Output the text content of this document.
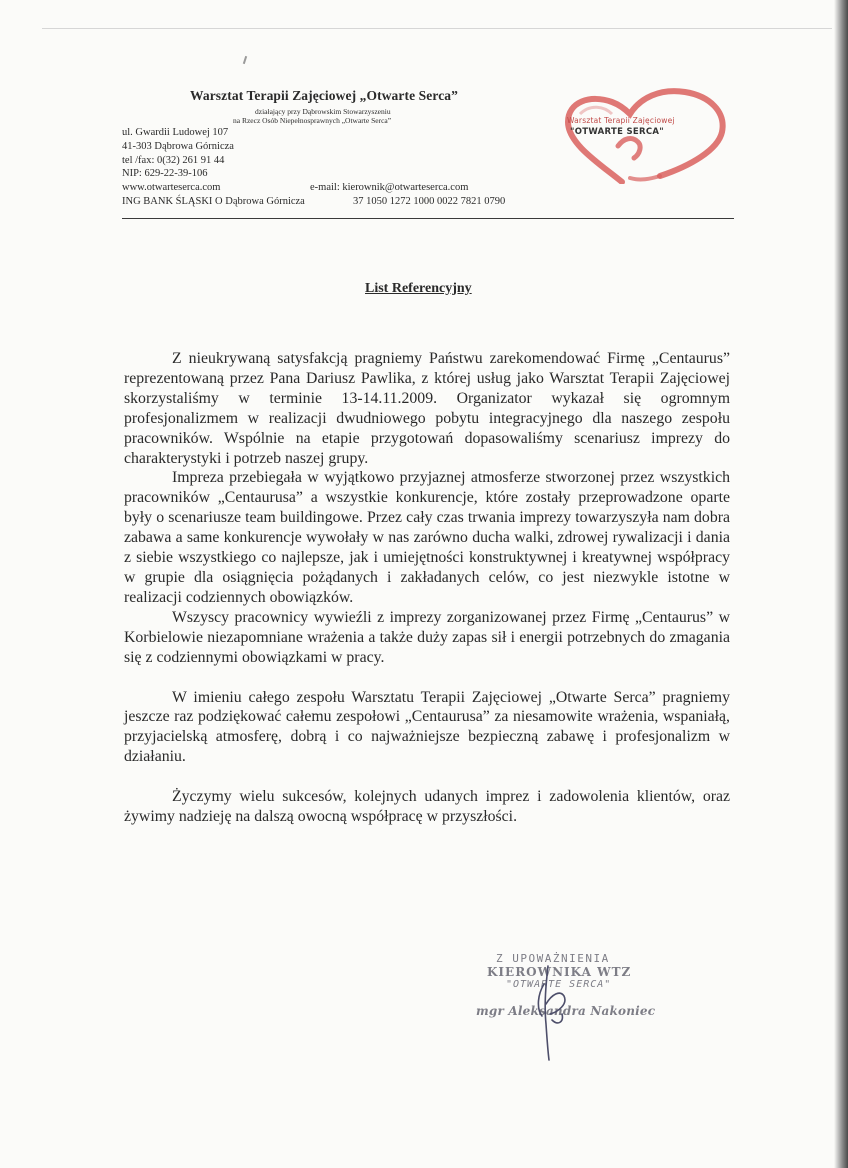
Warsztat Terapii Zajęciowej „Otwarte Serca”
działający przy Dąbrowskim Stowarzyszeniu
na Rzecz Osób Niepełnosprawnych „Otwarte Serca”
ul. Gwardii Ludowej 107
41-303 Dąbrowa Górnicza
tel /fax: 0(32) 261 91 44
NIP: 629-22-39-106
www.otwarteserca.com	e-mail: kierownik@otwarteserca.com
ING BANK ŚLĄSKI O Dąbrowa Górnicza	37 1050 1272 1000 0022 7821 0790
Warsztat Terapii Zajęciowej
"OTWARTE SERCA"
List Referencyjny

Z nieukrywaną satysfakcją pragniemy Państwu zarekomendować Firmę „Centaurus” reprezentowaną przez Pana Dariusz Pawlika, z której usług jako Warsztat Terapii Zajęciowej skorzystaliśmy w terminie 13-14.11.2009. Organizator wykazał się ogromnym profesjonalizmem w realizacji dwudniowego pobytu integracyjnego dla naszego zespołu pracowników. Wspólnie na etapie przygotowań dopasowaliśmy scenariusz imprezy do charakterystyki i potrzeb naszej grupy.

Impreza przebiegała w wyjątkowo przyjaznej atmosferze stworzonej przez wszystkich pracowników „Centaurusa” a wszystkie konkurencje, które zostały przeprowadzone oparte były o scenariusze team buildingowe. Przez cały czas trwania imprezy towarzyszyła nam dobra zabawa a same konkurencje wywołały w nas zarówno ducha walki, zdrowej rywalizacji i dania z siebie wszystkiego co najlepsze, jak i umiejętności konstruktywnej i kreatywnej współpracy w grupie dla osiągnięcia pożądanych i zakładanych celów, co jest niezwykle istotne w realizacji codziennych obowiązków.

Wszyscy pracownicy wywieźli z imprezy zorganizowanej przez Firmę „Centaurus” w Korbielowie niezapomniane wrażenia a także duży zapas sił i energii potrzebnych do zmagania się z codziennymi obowiązkami w pracy.

W imieniu całego zespołu Warsztatu Terapii Zajęciowej „Otwarte Serca” pragniemy jeszcze raz podziękować całemu zespołowi „Centaurusa” za niesamowite wrażenia, wspaniałą, przyjacielską atmosferę, dobrą i co najważniejsze bezpieczną zabawę i profesjonalizm w działaniu.

Życzymy wielu sukcesów, kolejnych udanych imprez i zadowolenia klientów, oraz żywimy nadzieję na dalszą owocną współpracę w przyszłości.

Z UPOWAŻNIENIA
KIEROWNIKA WTZ
"OTWARTE SERCA"
mgr Aleksandra Nakoniec
